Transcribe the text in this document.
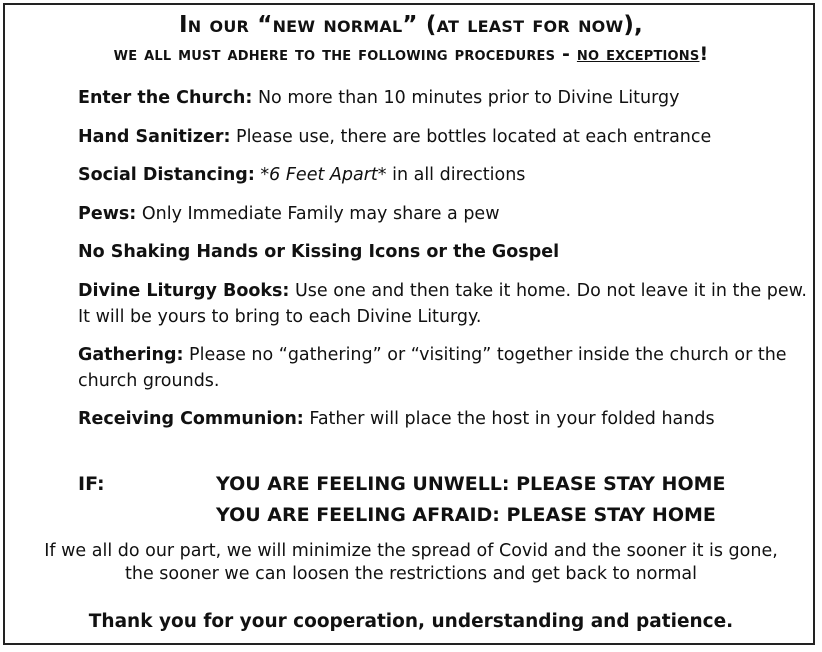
In our “new normal” (at least for now),
we all must adhere to the following procedures - no exceptions!
Enter the Church: No more than 10 minutes prior to Divine Liturgy
Hand Sanitizer: Please use, there are bottles located at each entrance
Social Distancing: *6 Feet Apart* in all directions
Pews: Only Immediate Family may share a pew
No Shaking Hands or Kissing Icons or the Gospel
Divine Liturgy Books: Use one and then take it home. Do not leave it in the pew. It will be yours to bring to each Divine Liturgy.
Gathering: Please no “gathering” or “visiting” together inside the church or the church grounds.
Receiving Communion: Father will place the host in your folded hands
IF:	YOU ARE FEELING UNWELL: PLEASE STAY HOME
YOU ARE FEELING AFRAID: PLEASE STAY HOME
If we all do our part, we will minimize the spread of Covid and the sooner it is gone,
the sooner we can loosen the restrictions and get back to normal
Thank you for your cooperation, understanding and patience.
